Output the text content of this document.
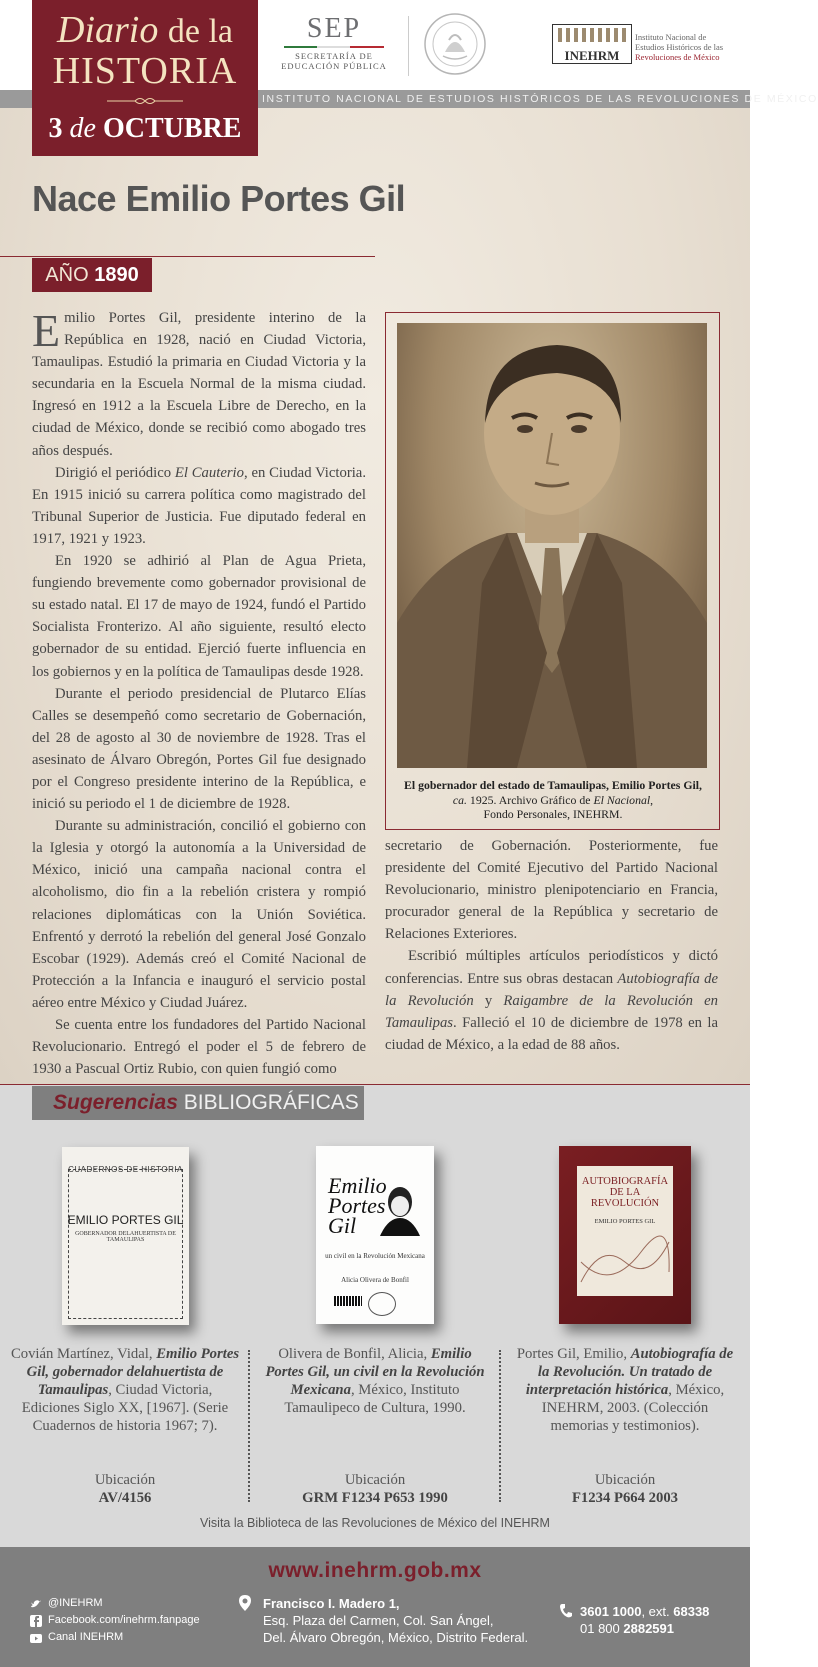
INSTITUTO NACIONAL DE ESTUDIOS HISTÓRICOS DE LAS REVOLUCIONES DE MÉXICO
Diario de la
HISTORIA
3 de OCTUBRE
SEP
SECRETARÍA DE
EDUCACIÓN PÚBLICA
INEHRM
Instituto Nacional de
Estudios Históricos de las
Revoluciones de México
Nace Emilio Portes Gil
AÑO 1890

Emilio Portes Gil, presidente interino de la República en 1928, nació en Ciudad Victoria, Tamaulipas. Estudió la primaria en Ciudad Victoria y la secundaria en la Escuela Normal de la misma ciudad. Ingresó en 1912 a la Escuela Libre de Derecho, en la ciudad de México, donde se recibió como abogado tres años después.

Dirigió el periódico El Cauterio, en Ciudad Victoria. En 1915 inició su carrera política como magistrado del Tribunal Superior de Justicia. Fue diputado federal en 1917, 1921 y 1923.

En 1920 se adhirió al Plan de Agua Prieta, fungiendo brevemente como gobernador provisional de su estado natal. El 17 de mayo de 1924, fundó el Partido Socialista Fronterizo. Al año siguiente, resultó electo gobernador de su entidad. Ejerció fuerte influencia en los gobiernos y en la política de Tamaulipas desde 1928.

Durante el periodo presidencial de Plutarco Elías Calles se desempeñó como secretario de Gobernación, del 28 de agosto al 30 de noviembre de 1928. Tras el asesinato de Álvaro Obregón, Portes Gil fue designado por el Congreso presidente interino de la República, e inició su periodo el 1 de diciembre de 1928.

Durante su administración, concilió el gobierno con la Iglesia y otorgó la autonomía a la Universidad de México, inició una campaña nacional contra el alcoholismo, dio fin a la rebelión cristera y rompió relaciones diplomáticas con la Unión Soviética. Enfrentó y derrotó la rebelión del general José Gonzalo Escobar (1929). Además creó el Comité Nacional de Protección a la Infancia e inauguró el servicio postal aéreo entre México y Ciudad Juárez.

Se cuenta entre los fundadores del Partido Nacional Revolucionario. Entregó el poder el 5 de febrero de 1930 a Pascual Ortiz Rubio, con quien fungió como

El gobernador del estado de Tamaulipas, Emilio Portes Gil,
ca. 1925. Archivo Gráfico de El Nacional,
Fondo Personales, INEHRM.

secretario de Gobernación. Posteriormente, fue presidente del Comité Ejecutivo del Partido Nacional Revolucionario, ministro plenipotenciario en Francia, procurador general de la República y secretario de Relaciones Exteriores.

Escribió múltiples artículos periodísticos y dictó conferencias. Entre sus obras destacan Autobiografía de la Revolución y Raigambre de la Revolución en Tamaulipas. Falleció el 10 de diciembre de 1978 en la ciudad de México, a la edad de 88 años.

Sugerencias BIBLIOGRÁFICAS
CUADERNOS DE HISTORIA
EMILIO PORTES GIL
GOBERNADOR DELAHUERTISTA DE TAMAULIPAS
Emilio Portes Gil
un civil en la Revolución Mexicana
Alicia Olivera de Bonfil
AUTOBIOGRAFÍA DE LA REVOLUCIÓN
EMILIO PORTES GIL
Covián Martínez, Vidal, Emilio Portes Gil, gobernador delahuertista de Tamaulipas, Ciudad Victoria, Ediciones Siglo XX, [1967]. (Serie Cuadernos de historia 1967; 7).
Ubicación
AV/4156
Olivera de Bonfil, Alicia, Emilio Portes Gil, un civil en la Revolución Mexicana, México, Instituto Tamaulipeco de Cultura, 1990.
Ubicación
GRM F1234 P653 1990
Portes Gil, Emilio, Autobiografía de la Revolución. Un tratado de interpretación histórica, México, INEHRM, 2003. (Colección memorias y testimonios).
Ubicación
F1234 P664 2003
Visita la Biblioteca de las Revoluciones de México del INEHRM
www.inehrm.gob.mx
@INEHRM
Facebook.com/inehrm.fanpage
Canal INEHRM
Francisco I. Madero 1,
Esq. Plaza del Carmen, Col. San Ángel,
Del. Álvaro Obregón, México, Distrito Federal.
3601 1000, ext. 68338
01 800 2882591
